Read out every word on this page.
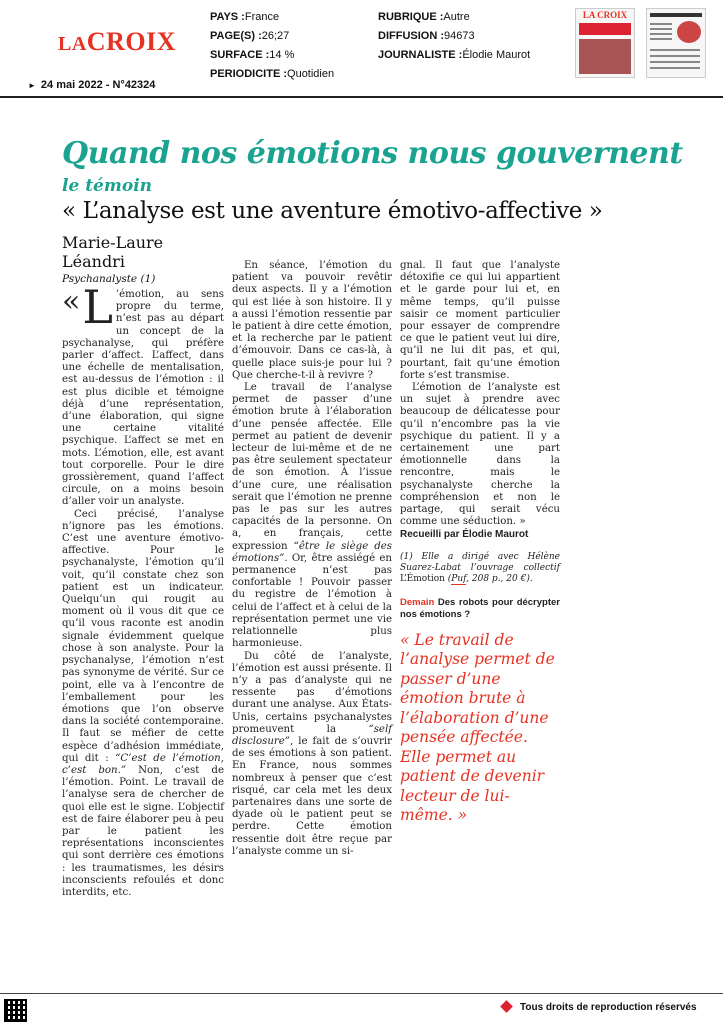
LACROIX
PAYS :France
PAGE(S) :26;27
SURFACE :14 %
PERIODICITE :Quotidien
RUBRIQUE :Autre
DIFFUSION :94673
JOURNALISTE :Élodie Maurot
LA CROIX
► 24 mai 2022 - N°42324
Quand nos émotions nous gouvernent
le témoin
« L’analyse est une aventure émotivo-affective »
Marie-Laure Léandri
Psychanalyste (1)

« L ’émotion, au sens propre du terme, n’est pas au départ un concept de la psychanalyse, qui préfère parler d’affect. L’affect, dans une échelle de mentalisation, est au-dessus de l’émotion : il est plus dicible et témoigne déjà d’une représentation, d’une élaboration, qui signe une certaine vitalité psychique. L’affect se met en mots. L’émotion, elle, est avant tout corporelle. Pour le dire grossièrement, quand l’affect circule, on a moins besoin d’aller voir un analyste.

Ceci précisé, l’analyse n’ignore pas les émotions. C’est une aventure émotivo-affective. Pour le psychanalyste, l’émotion qu’il voit, qu’il constate chez son patient est un indicateur. Quelqu’un qui rougit au moment où il vous dit que ce qu’il vous raconte est anodin signale évidemment quelque chose à son analyste. Pour la psychanalyse, l’émotion n’est pas synonyme de vérité. Sur ce point, elle va à l’encontre de l’emballement pour les émotions que l’on observe dans la société contemporaine. Il faut se méfier de cette espèce d’adhésion immédiate, qui dit : “C’est de l’émotion, c’est bon.” Non, c’est de l’émotion. Point. Le travail de l’analyse sera de chercher de quoi elle est le signe. L’objectif est de faire élaborer peu à peu par le patient les représentations inconscientes qui sont derrière ces émotions : les traumatismes, les désirs inconscients refoulés et donc interdits, etc.

En séance, l’émotion du patient va pouvoir revêtir deux aspects. Il y a l’émotion qui est liée à son histoire. Il y a aussi l’émotion ressentie par le patient à dire cette émotion, et la recherche par le patient d’émouvoir. Dans ce cas-là, à quelle place suis-je pour lui ? Que cherche-t-il à revivre ?

Le travail de l’analyse permet de passer d’une émotion brute à l’élaboration d’une pensée affectée. Elle permet au patient de devenir lecteur de lui-même et de ne pas être seulement spectateur de son émotion. À l’issue d’une cure, une réalisation serait que l’émotion ne prenne pas le pas sur les autres capacités de la personne. On a, en français, cette expression “être le siège des émotions”. Or, être assiégé en permanence n’est pas confortable ! Pouvoir passer du registre de l’émotion à celui de l’affect et à celui de la représentation permet une vie relationnelle plus harmonieuse.

Du côté de l’analyste, l’émotion est aussi présente. Il n’y a pas d’analyste qui ne ressente pas d’émotions durant une analyse. Aux États-Unis, certains psychanalystes promeuvent la “self disclosure”, le fait de s’ouvrir de ses émotions à son patient. En France, nous sommes nombreux à penser que c’est risqué, car cela met les deux partenaires dans une sorte de dyade où le patient peut se perdre. Cette émotion ressentie doit être reçue par l’analyste comme un si-

gnal. Il faut que l’analyste détoxifie ce qui lui appartient et le garde pour lui et, en même temps, qu’il puisse saisir ce moment particulier pour essayer de comprendre ce que le patient veut lui dire, qu’il ne lui dit pas, et qui, pourtant, fait qu’une émotion forte s’est transmise.

L’émotion de l’analyste est un sujet à prendre avec beaucoup de délicatesse pour qu’il n’encombre pas la vie psychique du patient. Il y a certainement une part émotionnelle dans la rencontre, mais le psychanalyste cherche la compréhension et non le partage, qui serait vécu comme une séduction. »

Recueilli par Élodie Maurot

(1) Elle a dirigé avec Hélène Suarez-Labat l’ouvrage collectif L’Émotion (Puf, 208 p., 20 €).

Demain Des robots pour décrypter nos émotions ?

« Le travail de l’analyse permet de passer d’une émotion brute à l’élaboration d’une pensée affectée. Elle permet au patient de devenir lecteur de lui-même. »

Tous droits de reproduction réservés
